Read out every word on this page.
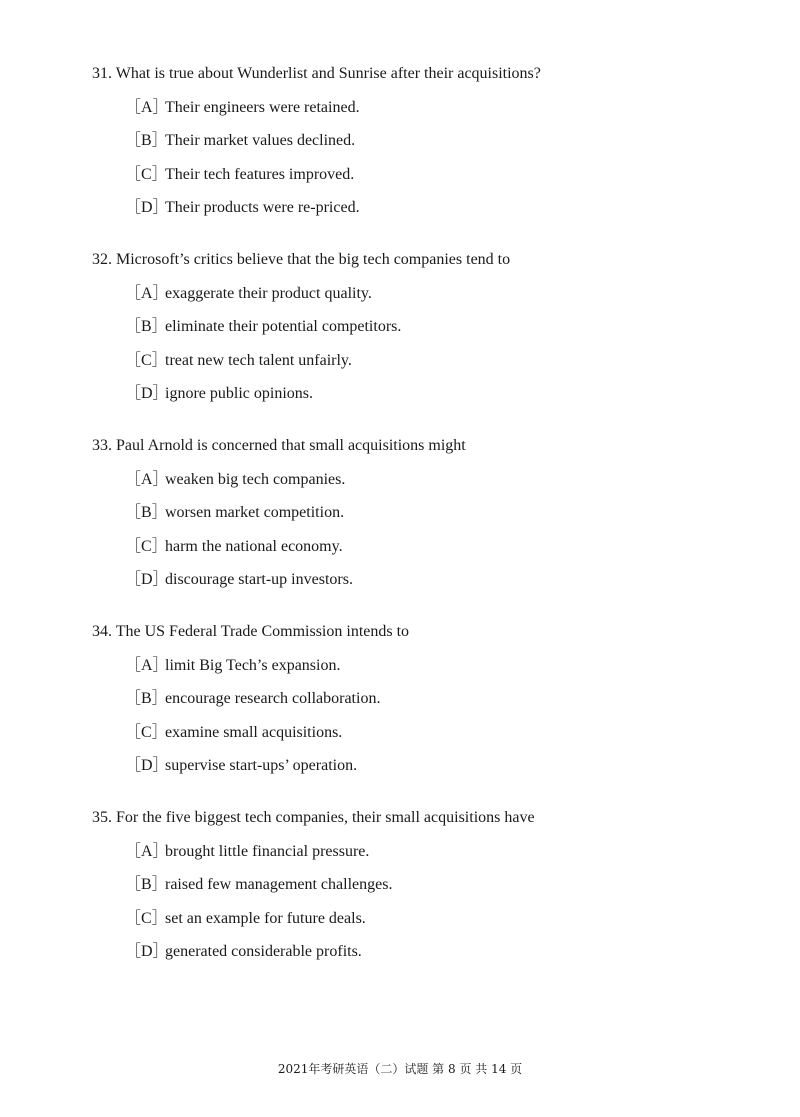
31. What is true about Wunderlist and Sunrise after their acquisitions?
［A］Their engineers were retained.
［B］Their market values declined.
［C］Their tech features improved.
［D］Their products were re-priced.
32. Microsoft’s critics believe that the big tech companies tend to
［A］exaggerate their product quality.
［B］eliminate their potential competitors.
［C］treat new tech talent unfairly.
［D］ignore public opinions.
33. Paul Arnold is concerned that small acquisitions might
［A］weaken big tech companies.
［B］worsen market competition.
［C］harm the national economy.
［D］discourage start-up investors.
34. The US Federal Trade Commission intends to
［A］limit Big Tech’s expansion.
［B］encourage research collaboration.
［C］examine small acquisitions.
［D］supervise start-ups’ operation.
35. For the five biggest tech companies, their small acquisitions have
［A］brought little financial pressure.
［B］raised few management challenges.
［C］set an example for future deals.
［D］generated considerable profits.
2021年考研英语（二）试题 第 8 页 共 14 页
